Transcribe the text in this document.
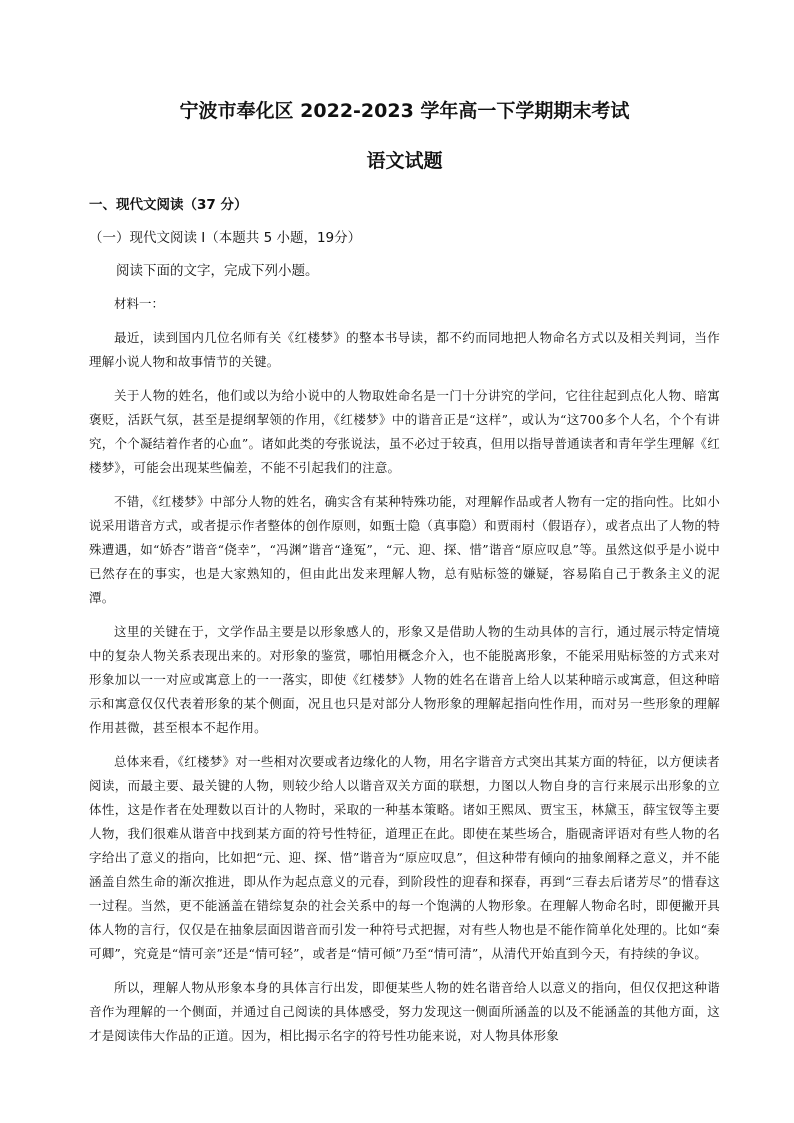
宁波市奉化区 2022-2023 学年高一下学期期末考试
语文试题
一、现代文阅读（37 分）
（一）现代文阅读 I（本题共 5 小题，19分）
阅读下面的文字，完成下列小题。
材料一：

最近，读到国内几位名师有关《红楼梦》的整本书导读，都不约而同地把人物命名方式以及相关判词，当作理解小说人物和故事情节的关键。

关于人物的姓名，他们或以为给小说中的人物取姓命名是一门十分讲究的学问，它往往起到点化人物、暗寓褒贬，活跃气氛，甚至是提纲挈领的作用，《红楼梦》中的谐音正是“这样”，或认为“这700多个人名，个个有讲究，个个凝结着作者的心血”。诸如此类的夸张说法，虽不必过于较真，但用以指导普通读者和青年学生理解《红楼梦》，可能会出现某些偏差，不能不引起我们的注意。

不错，《红楼梦》中部分人物的姓名，确实含有某种特殊功能，对理解作品或者人物有一定的指向性。比如小说采用谐音方式，或者提示作者整体的创作原则，如甄士隐（真事隐）和贾雨村（假语存），或者点出了人物的特殊遭遇，如“娇杏”谐音“侥幸”，“冯渊”谐音“逢冤”，“元、迎、探、惜”谐音“原应叹息”等。虽然这似乎是小说中已然存在的事实，也是大家熟知的，但由此出发来理解人物，总有贴标签的嫌疑，容易陷自己于教条主义的泥潭。

这里的关键在于，文学作品主要是以形象感人的，形象又是借助人物的生动具体的言行，通过展示特定情境中的复杂人物关系表现出来的。对形象的鉴赏，哪怕用概念介入，也不能脱离形象，不能采用贴标签的方式来对形象加以一一对应或寓意上的一一落实，即使《红楼梦》人物的姓名在谐音上给人以某种暗示或寓意，但这种暗示和寓意仅仅代表着形象的某个侧面，况且也只是对部分人物形象的理解起指向性作用，而对另一些形象的理解作用甚微，甚至根本不起作用。

总体来看，《红楼梦》对一些相对次要或者边缘化的人物，用名字谐音方式突出其某方面的特征，以方便读者阅读，而最主要、最关键的人物，则较少给人以谐音双关方面的联想，力图以人物自身的言行来展示出形象的立体性，这是作者在处理数以百计的人物时，采取的一种基本策略。诸如王熙凤、贾宝玉，林黛玉，薛宝钗等主要人物，我们很难从谐音中找到某方面的符号性特征，道理正在此。即使在某些场合，脂砚斋评语对有些人物的名字给出了意义的指向，比如把“元、迎、探、惜”谐音为“原应叹息”，但这种带有倾向的抽象阐释之意义，并不能涵盖自然生命的渐次推进，即从作为起点意义的元春，到阶段性的迎春和探春，再到“三春去后诸芳尽”的惜春这一过程。当然，更不能涵盖在错综复杂的社会关系中的每一个饱满的人物形象。在理解人物命名时，即便撇开具体人物的言行，仅仅是在抽象层面因谐音而引发一种符号式把握，对有些人物也是不能作简单化处理的。比如“秦可卿”，究竟是“情可亲”还是“情可轻”，或者是“情可倾”乃至“情可清”，从清代开始直到今天，有持续的争议。

所以，理解人物从形象本身的具体言行出发，即便某些人物的姓名谐音给人以意义的指向，但仅仅把这种谐音作为理解的一个侧面，并通过自己阅读的具体感受，努力发现这一侧面所涵盖的以及不能涵盖的其他方面，这才是阅读伟大作品的正道。因为，相比揭示名字的符号性功能来说，对人物具体形象
